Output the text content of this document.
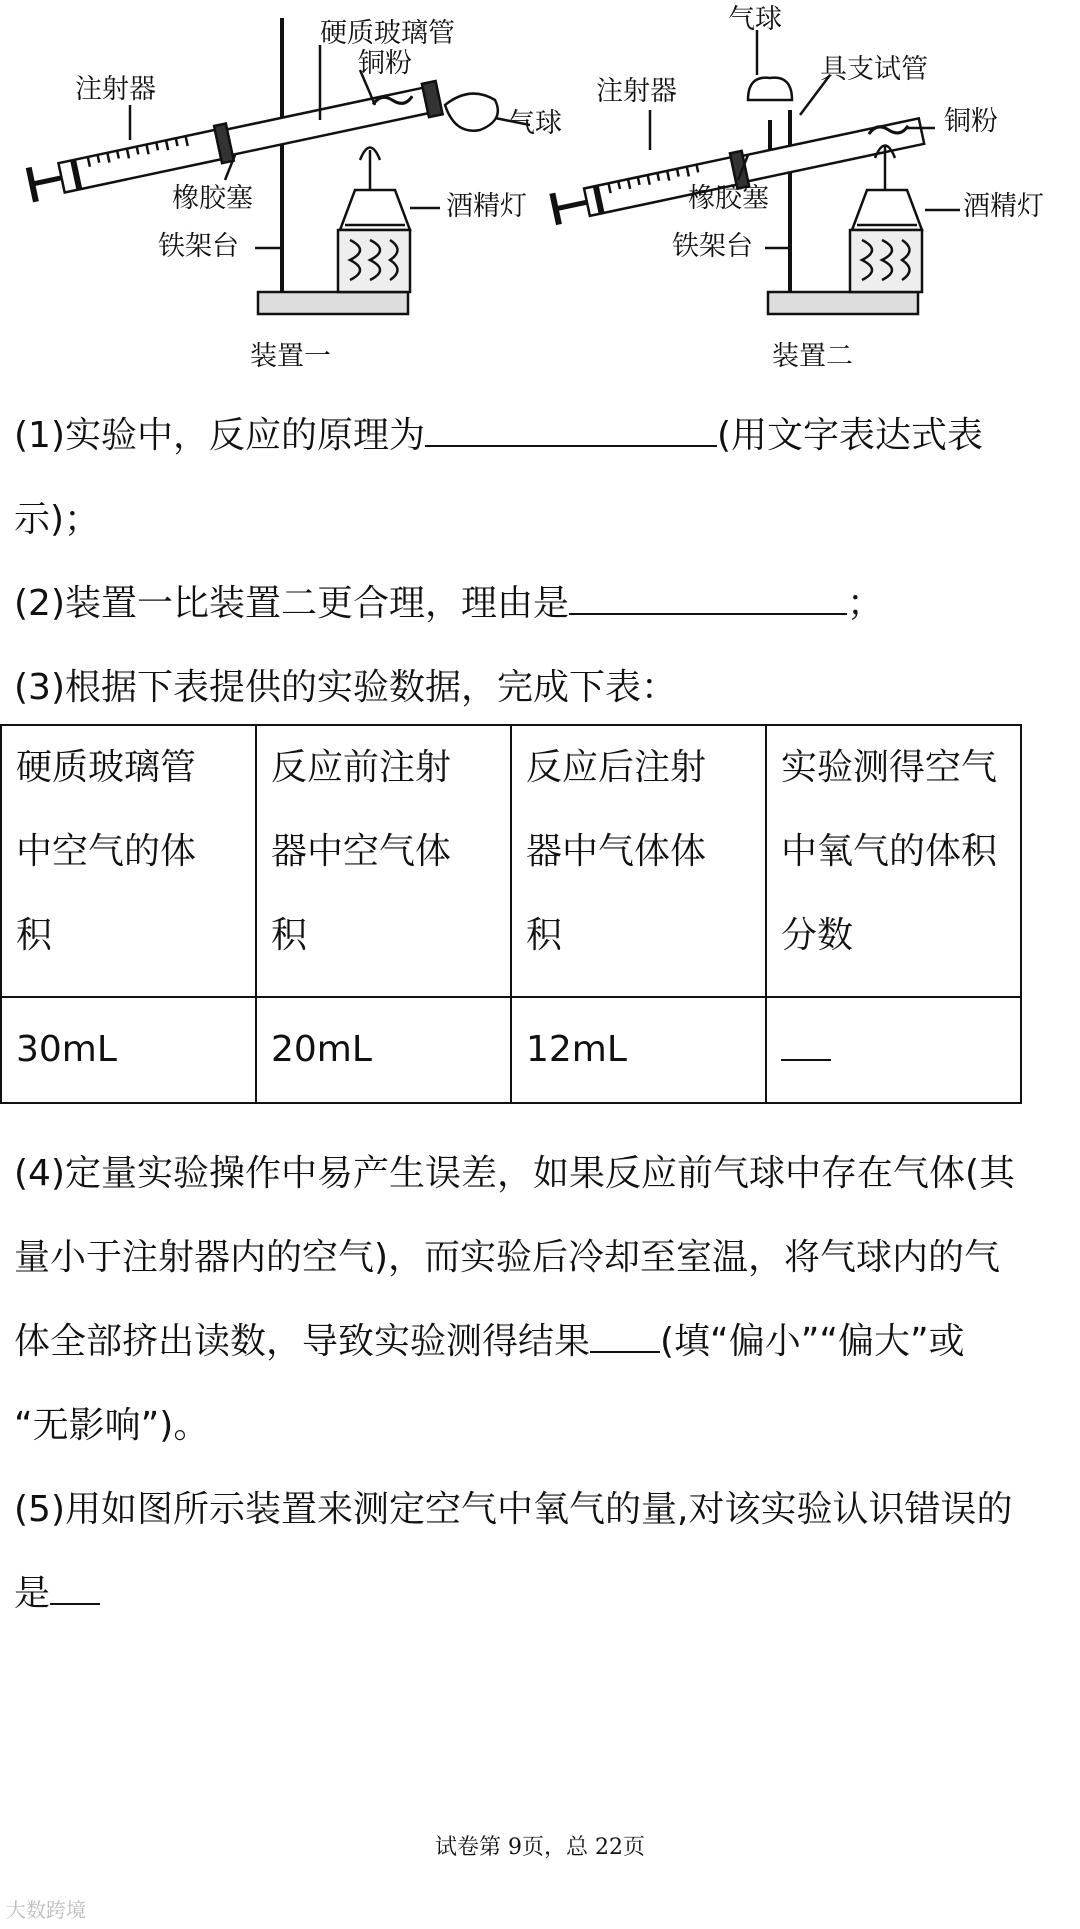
硬质玻璃管
铜粉
注射器
气球
橡胶塞	酒精灯
铁架台
装置一
气球
具支试管
注射器
铜粉
橡胶塞	酒精灯
铁架台
装置二

(1)实验中，反应的原理为	(用文字表达式表

示)；

(2)装置一比装置二更合理，理由是	；

(3)根据下表提供的实验数据，完成下表：

硬质玻璃管
中空气的体
积	反应前注射
器中空气体
积	反应后注射
器中气体体
积	实验测得空气
中氧气的体积
分数
30mL	20mL	12mL	

(4)定量实验操作中易产生误差，如果反应前气球中存在气体(其

量小于注射器内的空气)，而实验后冷却至室温，将气球内的气

体全部挤出读数，导致实验测得结果 (填“偏小”“偏大”或

“无影响”)。

(5)用如图所示装置来测定空气中氧气的量,对该实验认识错误的

是

试卷第 9页，总 22页
大数跨境
